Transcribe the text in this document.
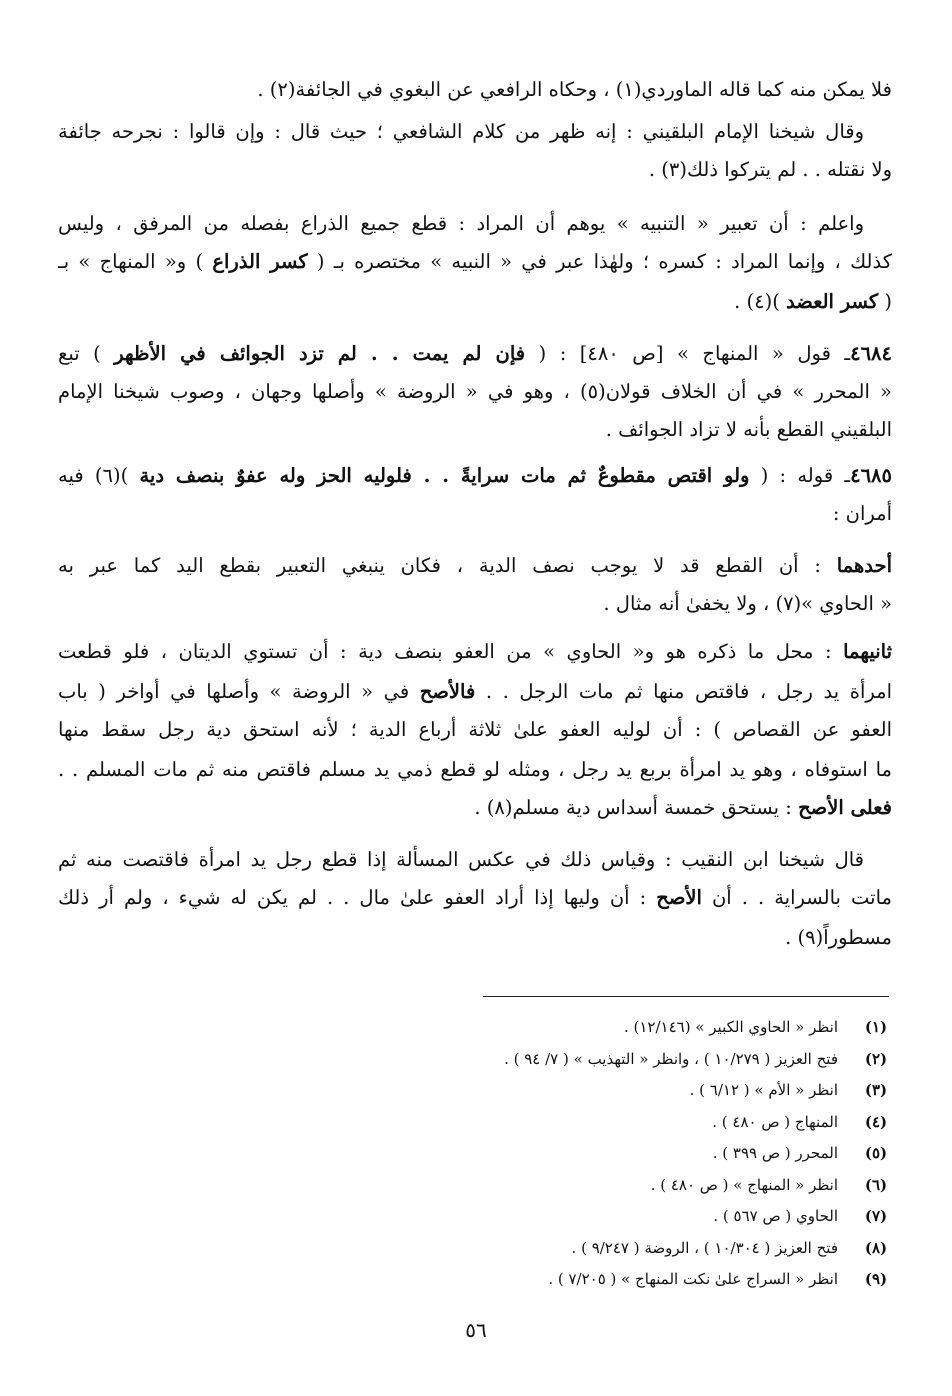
فلا يمكن منه كما قاله الماوردي(١) ، وحكاه الرافعي عن البغوي في الجائفة(٢) .
وقال شيخنا الإمام البلقيني : إنه ظهر من كلام الشافعي ؛ حيث قال : وإن قالوا : نجرحه جائفة
ولا نقتله . . لم يتركوا ذلك(٣) .
واعلم : أن تعبير « التنبيه » يوهم أن المراد : قطع جميع الذراع بفصله من المرفق ، وليس
كذلك ، وإنما المراد : كسره ؛ ولهٰذا عبر في « النبيه » مختصره بـ ( كسر الذراع ) و« المنهاج » بـ
( كسر العضد )(٤) .
٤٦٨٤ـ قول « المنهاج » [ص ٤٨٠] : ( فإن لم يمت . . لم تزد الجوائف في الأظهر ) تبع
« المحرر » في أن الخلاف قولان(٥) ، وهو في « الروضة » وأصلها وجهان ، وصوب شيخنا الإمام
البلقيني القطع بأنه لا تزاد الجوائف .
٤٦٨٥ـ قوله : ( ولو اقتص مقطوعٌ ثم مات سرايةً . . فلوليه الحز وله عفوٌ بنصف دية )(٦) فيه
أمران :
أحدهما : أن القطع قد لا يوجب نصف الدية ، فكان ينبغي التعبير بقطع اليد كما عبر به
« الحاوي »(٧) ، ولا يخفىٰ أنه مثال .
ثانيهما : محل ما ذكره هو و« الحاوي » من العفو بنصف دية : أن تستوي الديتان ، فلو قطعت
امرأة يد رجل ، فاقتص منها ثم مات الرجل . . فالأصح في « الروضة » وأصلها في أواخر ( باب
العفو عن القصاص ) : أن لوليه العفو علىٰ ثلاثة أرباع الدية ؛ لأنه استحق دية رجل سقط منها
ما استوفاه ، وهو يد امرأة بربع يد رجل ، ومثله لو قطع ذمي يد مسلم فاقتص منه ثم مات المسلم . .
فعلى الأصح : يستحق خمسة أسداس دية مسلم(٨) .
قال شيخنا ابن النقيب : وقياس ذلك في عكس المسألة إذا قطع رجل يد امرأة فاقتصت منه ثم
ماتت بالسراية . . أن الأصح : أن وليها إذا أراد العفو علىٰ مال . . لم يكن له شيء ، ولم أر ذلك
مسطوراً(٩) .
(١)
انظر « الحاوي الكبير » (١٢/١٤٦) .
(٢)
فتح العزيز ( ١٠/٢٧٩ ) ، وانظر « التهذيب » ( ٧/ ٩٤ ) .
(٣)
انظر « الأم » ( ٦/١٢ ) .
(٤)
المنهاج ( ص ٤٨٠ ) .
(٥)
المحرر ( ص ٣٩٩ ) .
(٦)
انظر « المنهاج » ( ص ٤٨٠ ) .
(٧)
الحاوي ( ص ٥٦٧ ) .
(٨)
فتح العزيز ( ١٠/٣٠٤ ) ، الروضة ( ٩/٢٤٧ ) .
(٩)
انظر « السراج علىٰ نكت المنهاج » ( ٧/٢٠٥ ) .
٥٦
